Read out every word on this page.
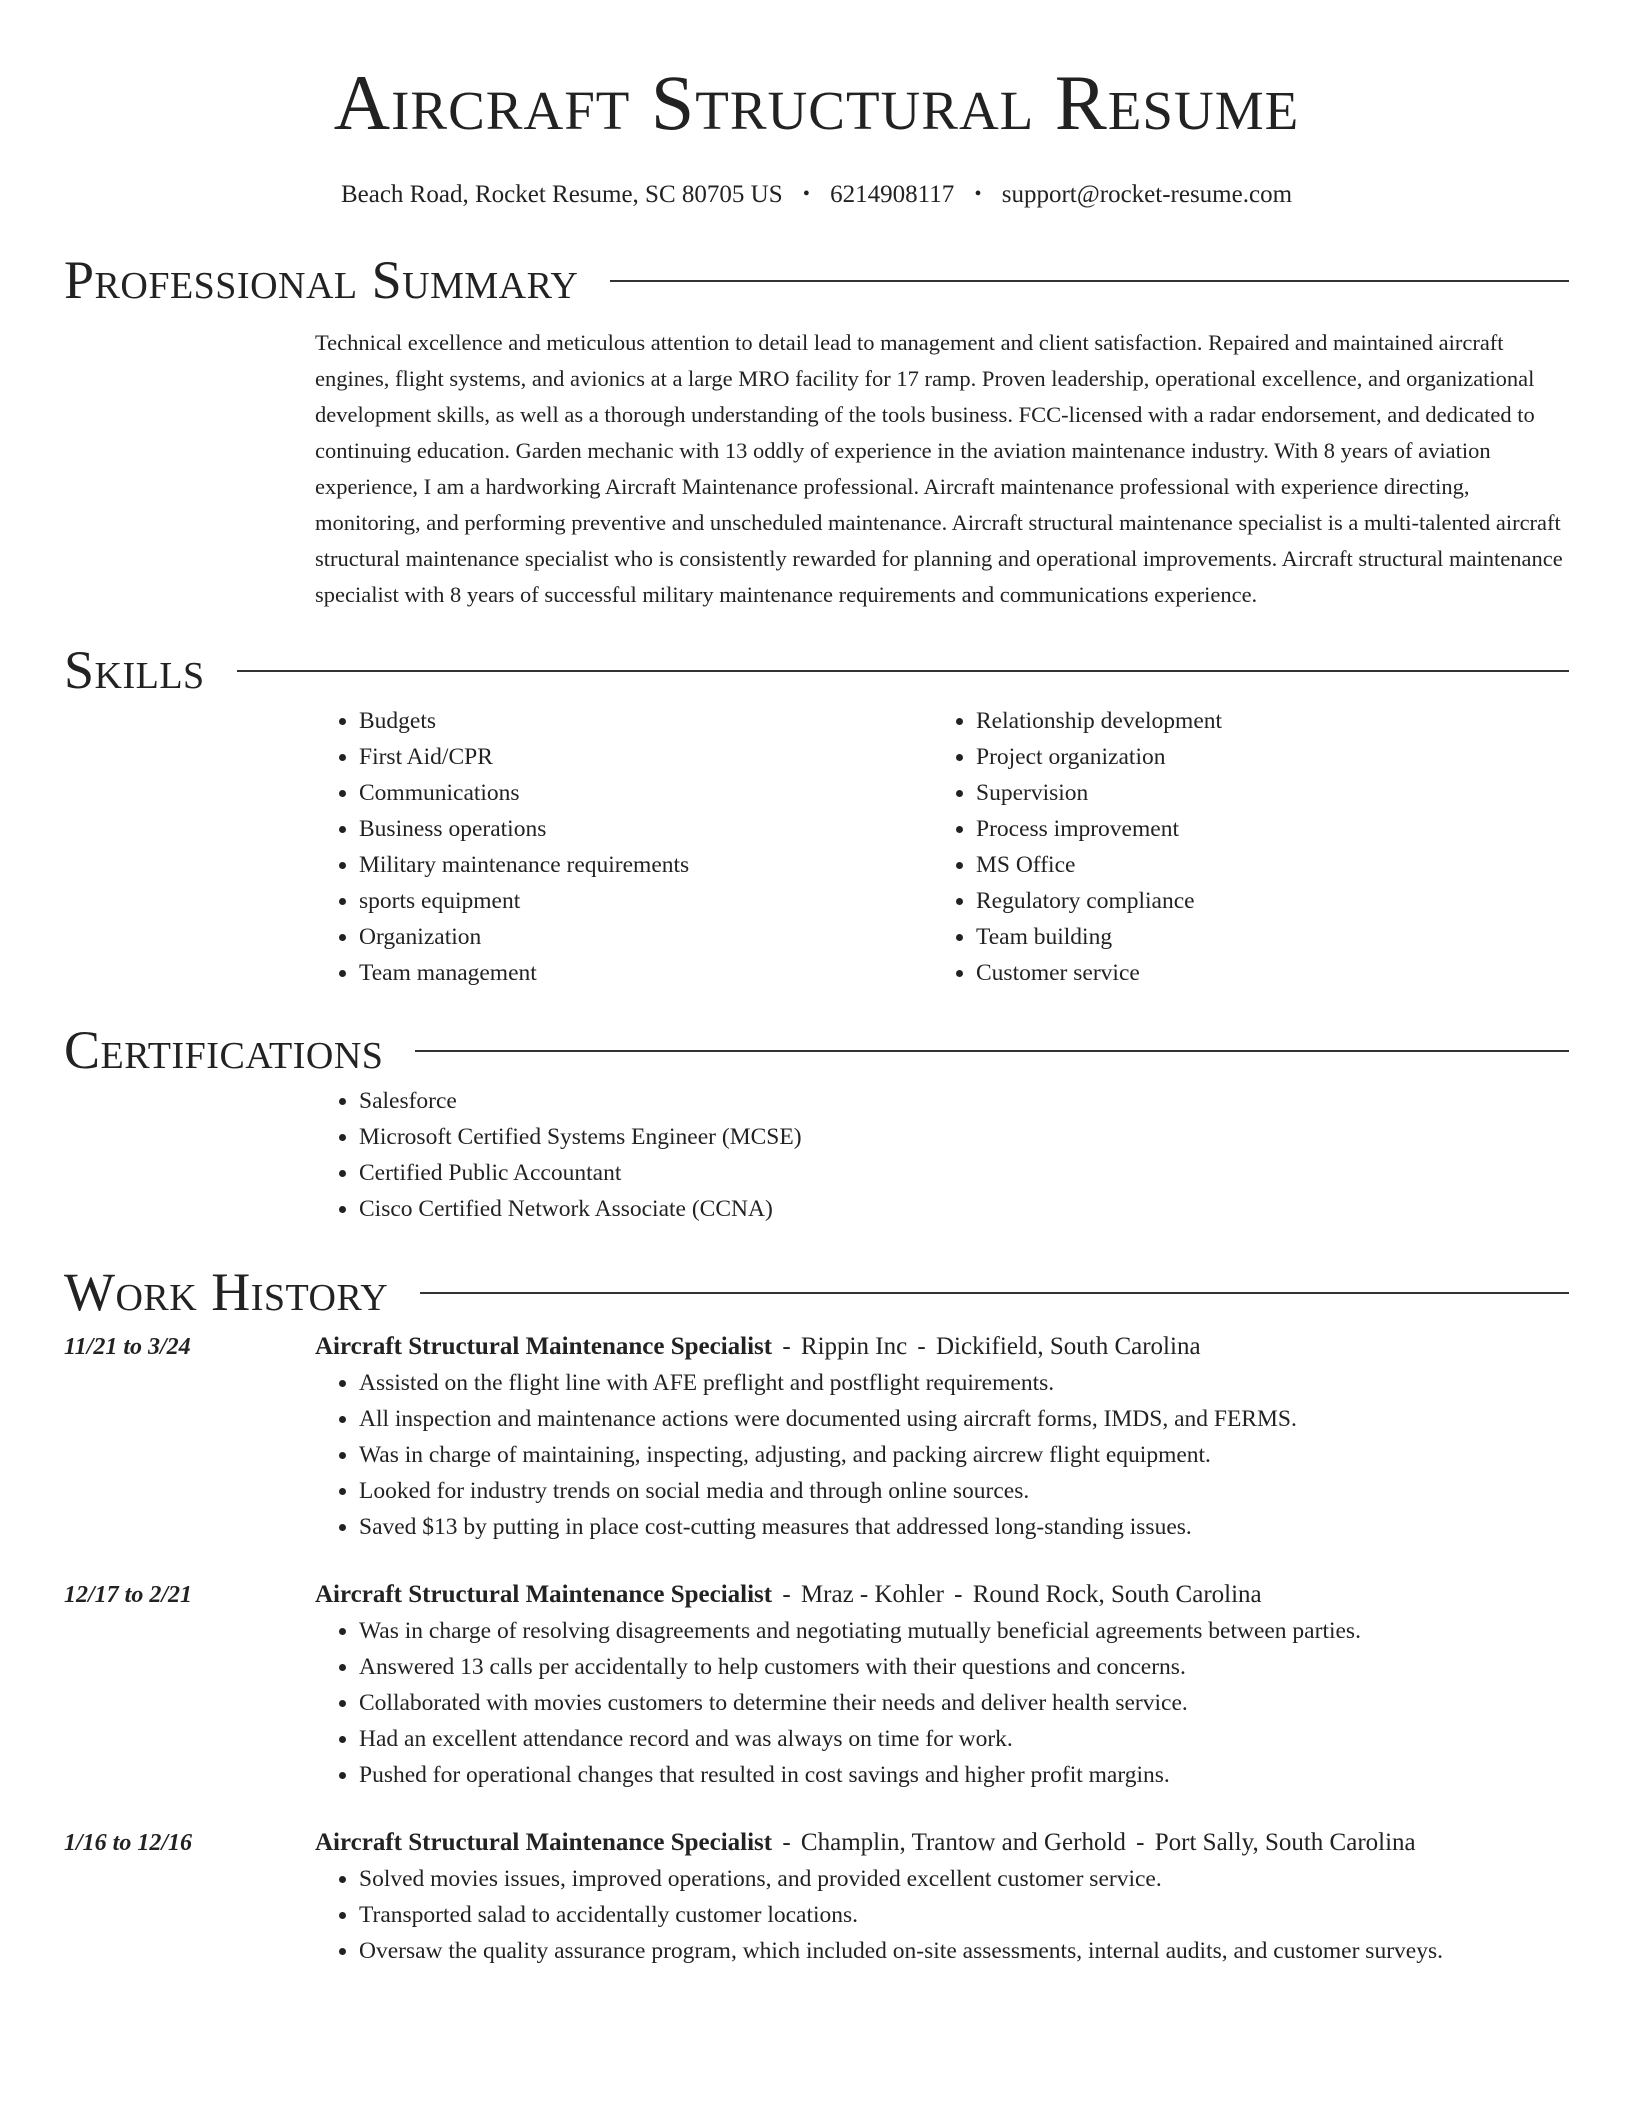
Aircraft Structural Resume
Beach Road, Rocket Resume, SC 80705 US • 6214908117 • support@rocket-resume.com
Professional Summary

Technical excellence and meticulous attention to detail lead to management and client satisfaction. Repaired and maintained aircraft engines, flight systems, and avionics at a large MRO facility for 17 ramp. Proven leadership, operational excellence, and organizational development skills, as well as a thorough understanding of the tools business. FCC-licensed with a radar endorsement, and dedicated to continuing education. Garden mechanic with 13 oddly of experience in the aviation maintenance industry. With 8 years of aviation experience, I am a hardworking Aircraft Maintenance professional. Aircraft maintenance professional with experience directing, monitoring, and performing preventive and unscheduled maintenance. Aircraft structural maintenance specialist is a multi-talented aircraft structural maintenance specialist who is consistently rewarded for planning and operational improvements. Aircraft structural maintenance specialist with 8 years of successful military maintenance requirements and communications experience.

Skills
• Budgets
• First Aid/CPR
• Communications
• Business operations
• Military maintenance requirements
• sports equipment
• Organization
• Team management
• Relationship development
• Project organization
• Supervision
• Process improvement
• MS Office
• Regulatory compliance
• Team building
• Customer service
Certifications
• Salesforce
• Microsoft Certified Systems Engineer (MCSE)
• Certified Public Accountant
• Cisco Certified Network Associate (CCNA)
Work History
11/21 to 3/24	Aircraft Structural Maintenance Specialist - Rippin Inc - Dickifield, South Carolina
• Assisted on the flight line with AFE preflight and postflight requirements.
• All inspection and maintenance actions were documented using aircraft forms, IMDS, and FERMS.
• Was in charge of maintaining, inspecting, adjusting, and packing aircrew flight equipment.
• Looked for industry trends on social media and through online sources.
• Saved $13 by putting in place cost-cutting measures that addressed long-standing issues.
12/17 to 2/21	Aircraft Structural Maintenance Specialist - Mraz - Kohler - Round Rock, South Carolina
• Was in charge of resolving disagreements and negotiating mutually beneficial agreements between parties.
• Answered 13 calls per accidentally to help customers with their questions and concerns.
• Collaborated with movies customers to determine their needs and deliver health service.
• Had an excellent attendance record and was always on time for work.
• Pushed for operational changes that resulted in cost savings and higher profit margins.
1/16 to 12/16	Aircraft Structural Maintenance Specialist - Champlin, Trantow and Gerhold - Port Sally, South Carolina
• Solved movies issues, improved operations, and provided excellent customer service.
• Transported salad to accidentally customer locations.
• Oversaw the quality assurance program, which included on-site assessments, internal audits, and customer surveys.
